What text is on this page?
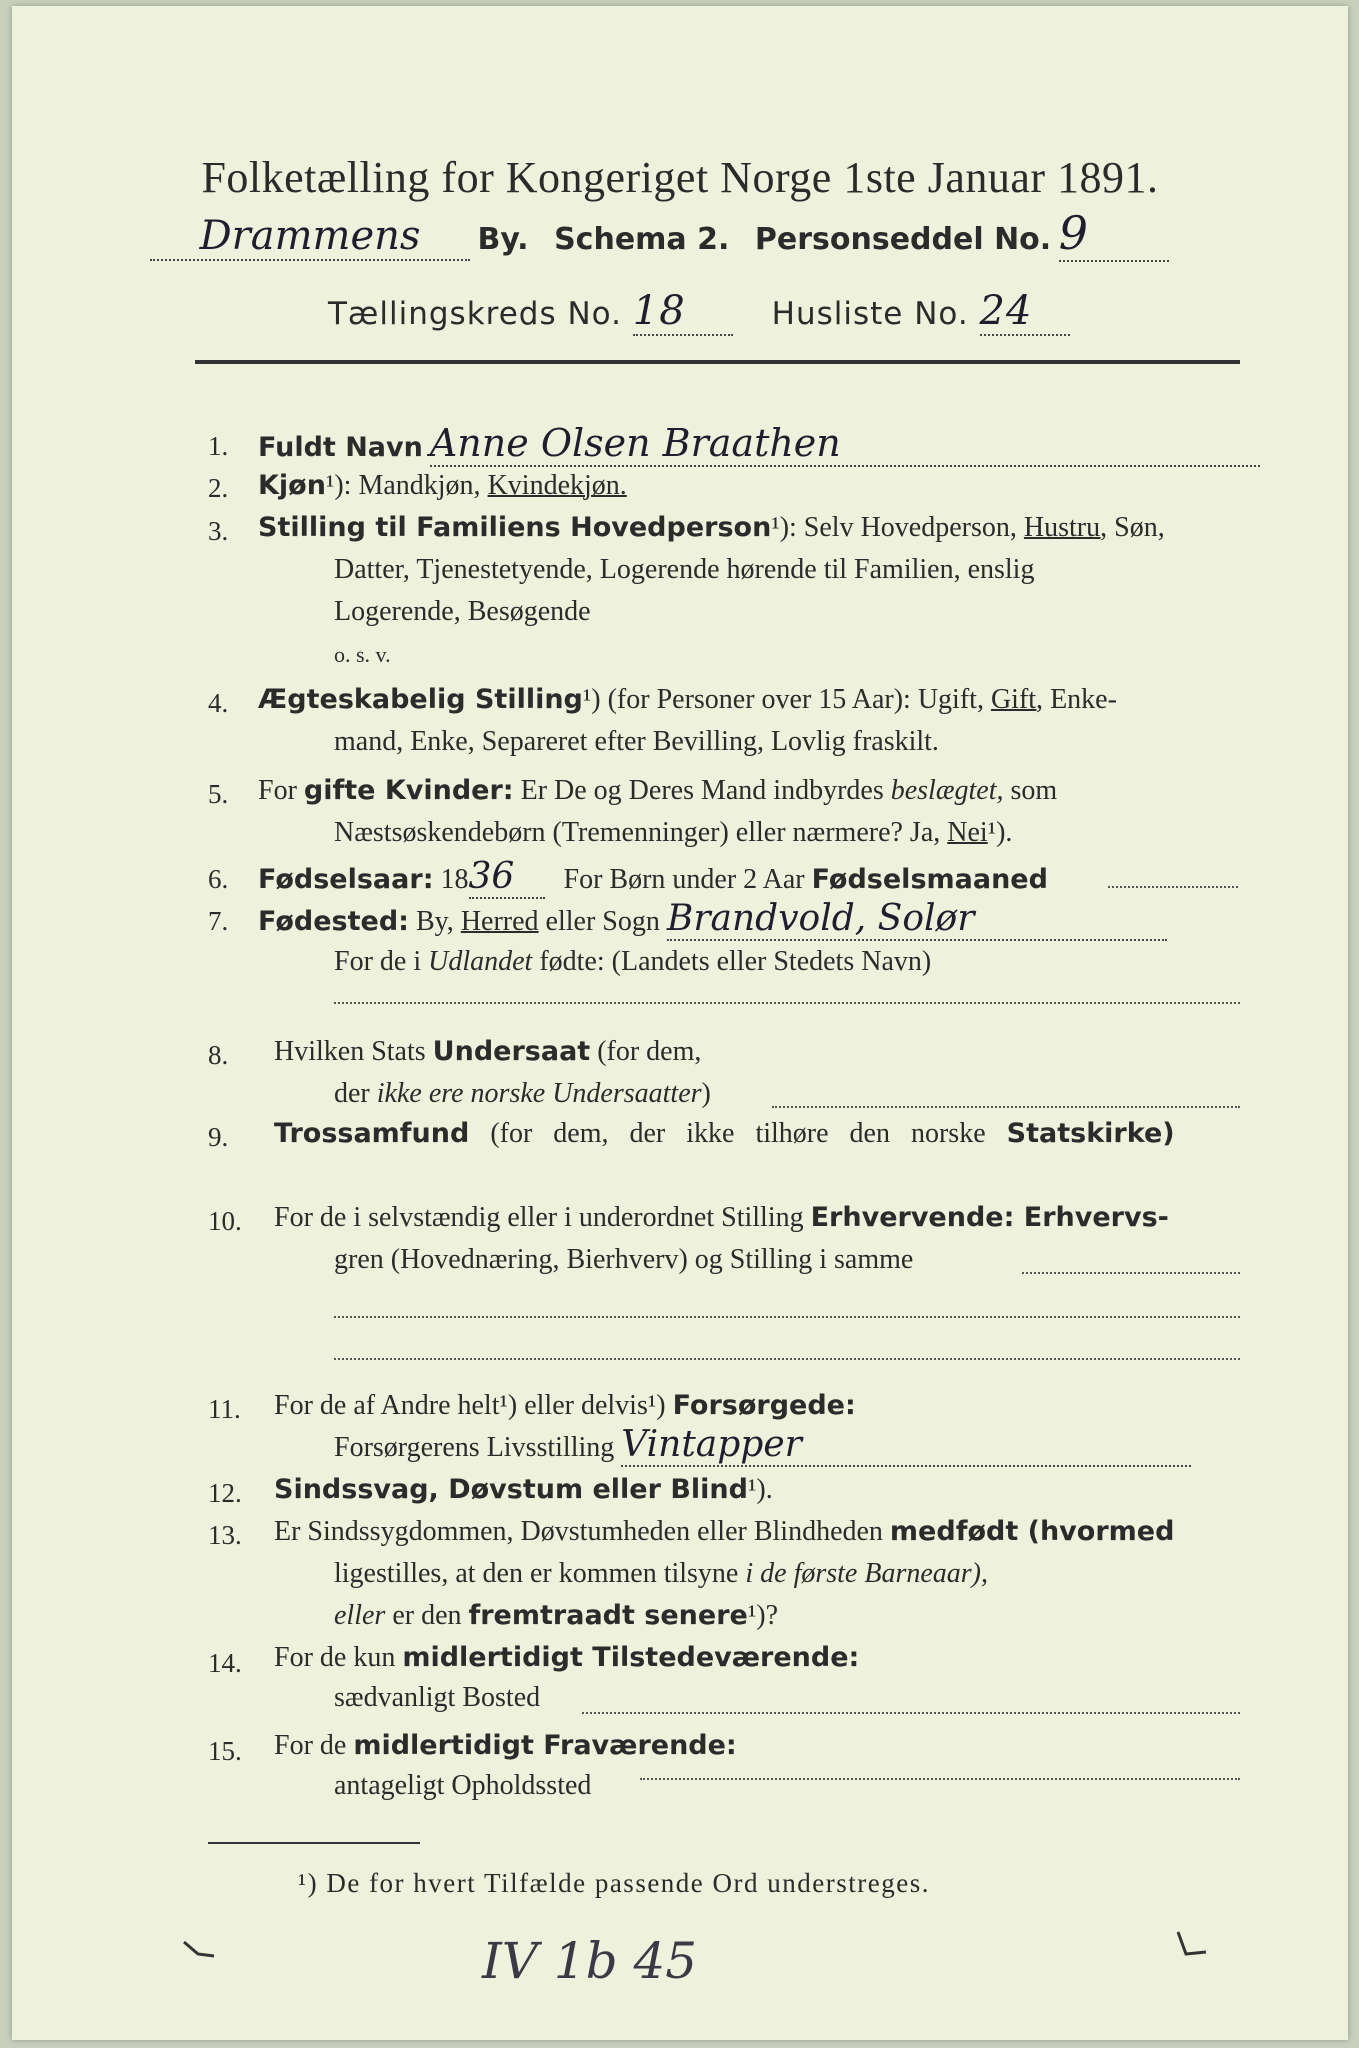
Folketælling for Kongeriget Norge 1ste Januar 1891.
Drammens By. Schema 2. Personseddel No. 9
Tællingskreds No. 18	Husliste No. 24
1. Fuldt Navn Anne Olsen Braathen
2. Kjøn¹): Mandkjøn, Kvindekjøn.
3. Stilling til Familiens Hovedperson¹): Selv Hovedperson, Hustru, Søn,
Datter, Tjenestetyende, Logerende hørende til Familien, enslig
Logerende, Besøgende
o. s. v.
4. Ægteskabelig Stilling¹) (for Personer over 15 Aar): Ugift, Gift, Enke-
mand, Enke, Separeret efter Bevilling, Lovlig fraskilt.
5. For gifte Kvinder: Er De og Deres Mand indbyrdes beslægtet, som
Næstsøskendebørn (Tremenninger) eller nærmere? Ja, Nei¹).
6. Fødselsaar: 1836 For Børn under 2 Aar Fødselsmaaned
7. Fødested: By, Herred eller Sogn Brandvold, Solør
For de i Udlandet fødte: (Landets eller Stedets Navn)
8. Hvilken Stats Undersaat (for dem,
der ikke ere norske Undersaatter)
9. Trossamfund (for dem, der ikke tilhøre den norske Statskirke)
10. For de i selvstændig eller i underordnet Stilling Erhvervende: Erhvervs-
gren (Hovednæring, Bierhverv) og Stilling i samme
11. For de af Andre helt¹) eller delvis¹) Forsørgede:
Forsørgerens Livsstilling Vintapper
12. Sindssvag, Døvstum eller Blind¹).
13. Er Sindssygdommen, Døvstumheden eller Blindheden medfødt (hvormed
ligestilles, at den er kommen tilsyne i de første Barneaar),
eller er den fremtraadt senere¹)?
14. For de kun midlertidigt Tilstedeværende:
sædvanligt Bosted
15. For de midlertidigt Fraværende:
antageligt Opholdssted
¹) De for hvert Tilfælde passende Ord understreges.
IV 1b 45
